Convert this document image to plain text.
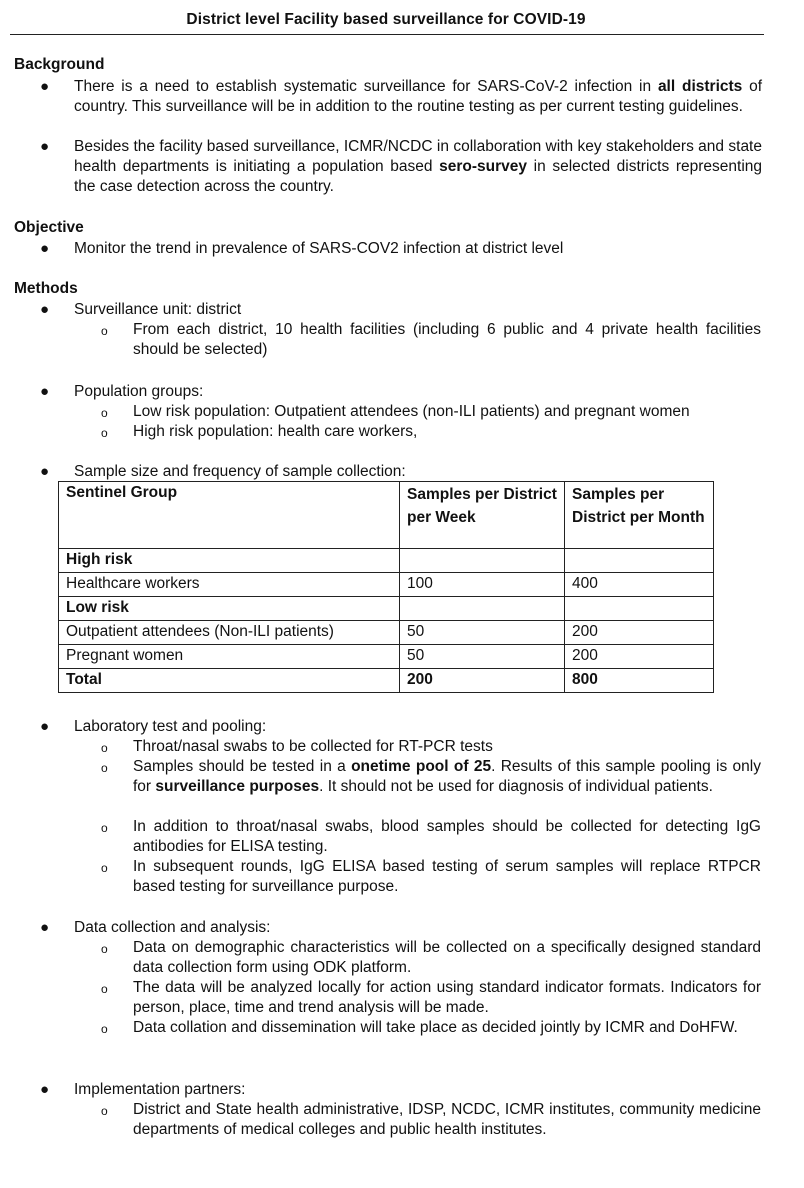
District level Facility based surveillance for COVID-19
Background
● There is a need to establish systematic surveillance for SARS-CoV-2 infection in all districts of country. This surveillance will be in addition to the routine testing as per current testing guidelines.
● Besides the facility based surveillance, ICMR/NCDC in collaboration with key stakeholders and state health departments is initiating a population based sero-survey in selected districts representing the case detection across the country.
Objective
● Monitor the trend in prevalence of SARS-COV2 infection at district level
Methods
● Surveillance unit: district
o From each district, 10 health facilities (including 6 public and 4 private health facilities should be selected)
● Population groups:
o Low risk population: Outpatient attendees (non-ILI patients) and pregnant women
o High risk population: health care workers,
● Sample size and frequency of sample collection:
Sentinel Group	Samples per District per Week	Samples per District per Month
High risk		
Healthcare workers	100	400
Low risk		
Outpatient attendees (Non-ILI patients)	50	200
Pregnant women	50	200
Total	200	800
● Laboratory test and pooling:
o Throat/nasal swabs to be collected for RT-PCR tests
o Samples should be tested in a onetime pool of 25. Results of this sample pooling is only for surveillance purposes. It should not be used for diagnosis of individual patients.
o In addition to throat/nasal swabs, blood samples should be collected for detecting IgG antibodies for ELISA testing.
o In subsequent rounds, IgG ELISA based testing of serum samples will replace RTPCR based testing for surveillance purpose.
● Data collection and analysis:
o Data on demographic characteristics will be collected on a specifically designed standard data collection form using ODK platform.
o The data will be analyzed locally for action using standard indicator formats. Indicators for person, place, time and trend analysis will be made.
o Data collation and dissemination will take place as decided jointly by ICMR and DoHFW.
● Implementation partners:
o District and State health administrative, IDSP, NCDC, ICMR institutes, community medicine departments of medical colleges and public health institutes.
